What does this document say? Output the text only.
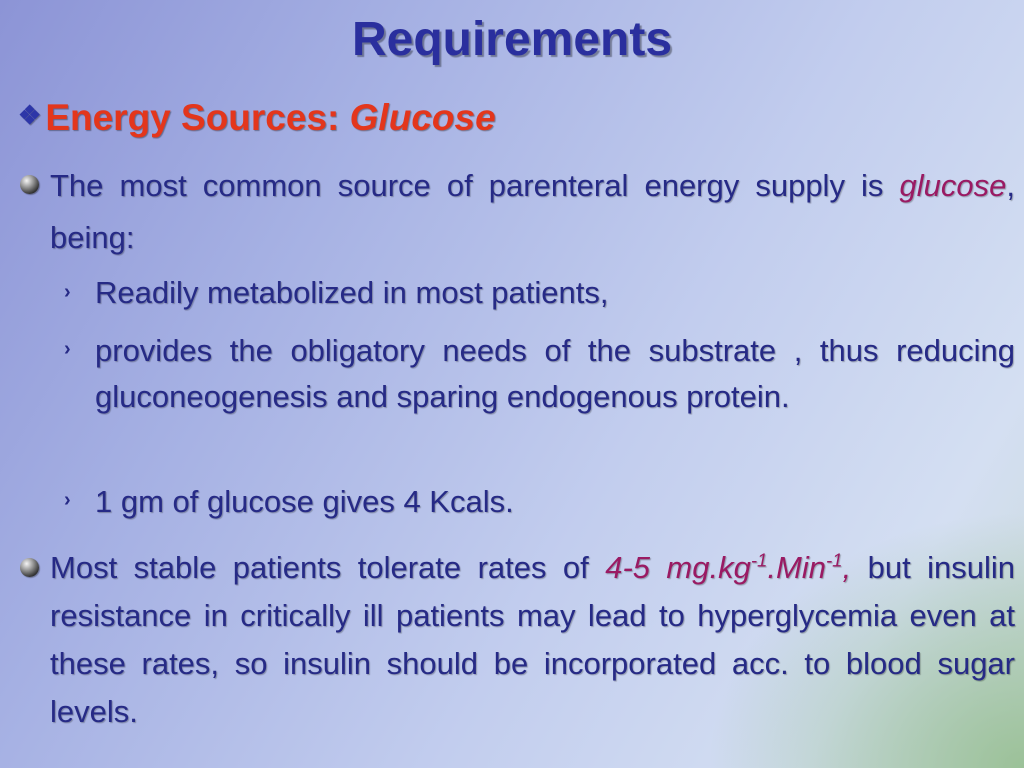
Requirements
❖ Energy Sources: Glucose
The most common source of parenteral energy supply is glucose, being:
› Readily metabolized in most patients,
› provides the obligatory needs of the substrate , thus reducing gluconeogenesis and sparing endogenous protein.
› 1 gm of glucose gives 4 Kcals.
Most stable patients tolerate rates of 4-5 $mg.kg^{-1}.Min^{-1}$, but insulin resistance in critically ill patients may lead to hyperglycemia even at these rates, so insulin should be incorporated acc. to blood sugar levels.
